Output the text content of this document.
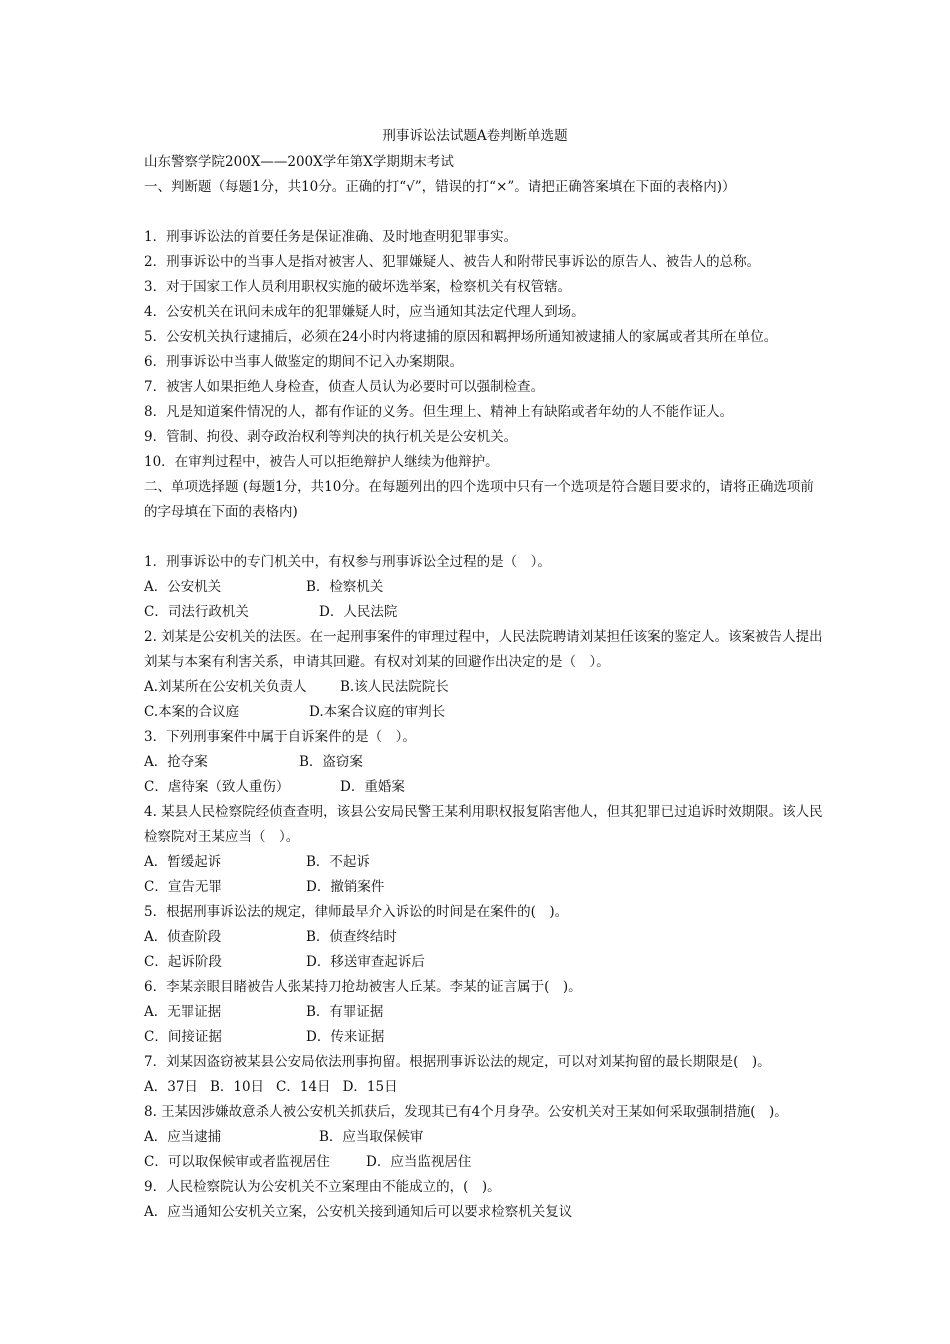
刑事诉讼法试题A卷判断单选题
山东警察学院200X——200X学年第X学期期末考试
一、判断题（每题1分，共10分。正确的打“√”，错误的打“×”。请把正确答案填在下面的表格内)）
1．刑事诉讼法的首要任务是保证准确、及时地查明犯罪事实。
2．刑事诉讼中的当事人是指对被害人、犯罪嫌疑人、被告人和附带民事诉讼的原告人、被告人的总称。
3．对于国家工作人员利用职权实施的破坏选举案，检察机关有权管辖。
4．公安机关在讯问未成年的犯罪嫌疑人时，应当通知其法定代理人到场。
5．公安机关执行逮捕后，必须在24小时内将逮捕的原因和羁押场所通知被逮捕人的家属或者其所在单位。
6．刑事诉讼中当事人做鉴定的期间不记入办案期限。
7．被害人如果拒绝人身检查，侦查人员认为必要时可以强制检查。
8．凡是知道案件情况的人，都有作证的义务。但生理上、精神上有缺陷或者年幼的人不能作证人。
9．管制、拘役、剥夺政治权利等判决的执行机关是公安机关。
10．在审判过程中，被告人可以拒绝辩护人继续为他辩护。
二、单项选择题 (每题1分，共10分。在每题列出的四个选项中只有一个选项是符合题目要求的，请将正确选项前的字母填在下面的表格内)
1．刑事诉讼中的专门机关中，有权参与刑事诉讼全过程的是（　）。
A．公安机关	B．检察机关
C．司法行政机关	D．人民法院
2. 刘某是公安机关的法医。在一起刑事案件的审理过程中，人民法院聘请刘某担任该案的鉴定人。该案被告人提出刘某与本案有利害关系，申请其回避。有权对刘某的回避作出决定的是（　）。
A.刘某所在公安机关负责人	B.该人民法院院长
C.本案的合议庭	D.本案合议庭的审判长
3．下列刑事案件中属于自诉案件的是（　）。
A．抢夺案	B．盗窃案
C．虐待案（致人重伤）	D．重婚案
4. 某县人民检察院经侦查查明，该县公安局民警王某利用职权报复陷害他人，但其犯罪已过追诉时效期限。该人民检察院对王某应当（　）。
A．暂缓起诉	B．不起诉
C．宣告无罪	D．撤销案件
5．根据刑事诉讼法的规定，律师最早介入诉讼的时间是在案件的(　)。
A．侦查阶段	B．侦查终结时
C．起诉阶段	D．移送审查起诉后
6．李某亲眼目睹被告人张某持刀抢劫被害人丘某。李某的证言属于(　)。
A．无罪证据	B．有罪证据
C．间接证据	D．传来证据
7．刘某因盗窃被某县公安局依法刑事拘留。根据刑事诉讼法的规定，可以对刘某拘留的最长期限是(　)。
A．37日 B．10日 C．14日 D．15日
8. 王某因涉嫌故意杀人被公安机关抓获后，发现其已有4个月身孕。公安机关对王某如何采取强制措施(　)。
A．应当逮捕	B．应当取保候审
C．可以取保候审或者监视居住	D．应当监视居住
9．人民检察院认为公安机关不立案理由不能成立的，(　)。
A．应当通知公安机关立案，公安机关接到通知后可以要求检察机关复议
